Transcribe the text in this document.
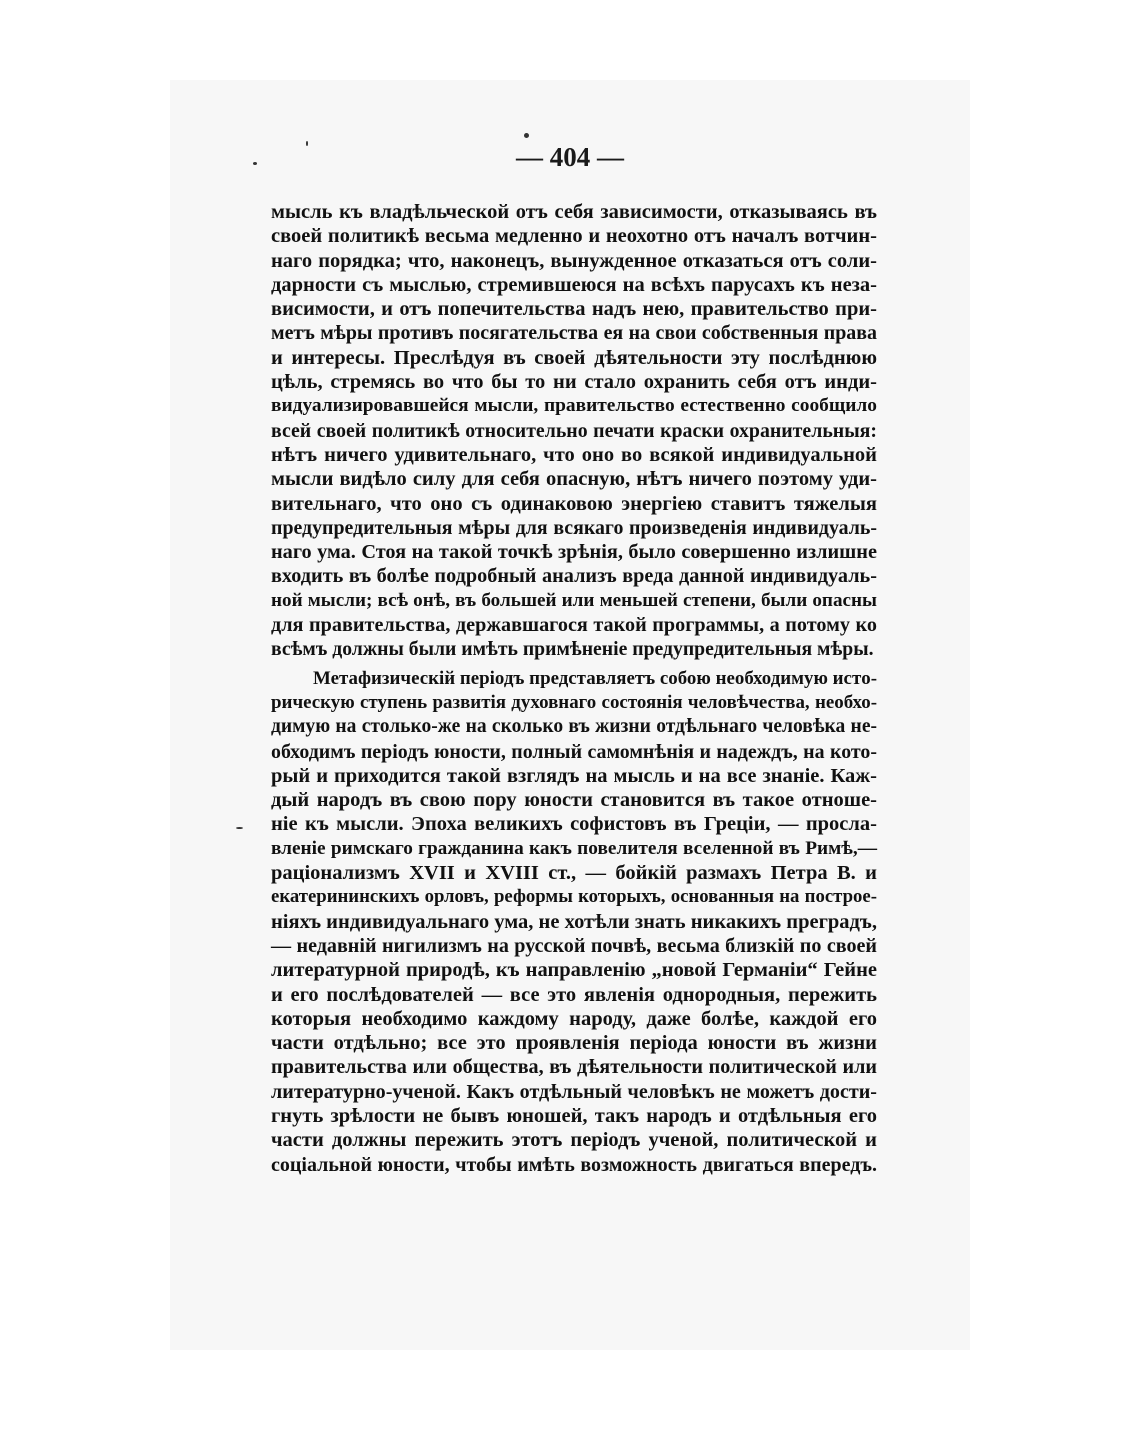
— 404 —
мысль къ владѣльческой отъ себя зависимости, отказываясь въ
своей политикѣ весьма медленно и неохотно отъ началъ вотчин-
наго порядка; что, наконецъ, вынужденное отказаться отъ соли-
дарности съ мыслью, стремившеюся на всѣхъ парусахъ къ неза-
висимости, и отъ попечительства надъ нею, правительство при-
метъ мѣры противъ посягательства ея на свои собственныя права
и интересы. Преслѣдуя въ своей дѣятельности эту послѣднюю
цѣль, стремясь во что бы то ни стало охранить себя отъ инди-
видуализировавшейся мысли, правительство естественно сообщило
всей своей политикѣ относительно печати краски охранительныя:
нѣтъ ничего удивительнаго, что оно во всякой индивидуальной
мысли видѣло силу для себя опасную, нѣтъ ничего поэтому уди-
вительнаго, что оно съ одинаковою энергіею ставитъ тяжелыя
предупредительныя мѣры для всякаго произведенія индивидуаль-
наго ума. Стоя на такой точкѣ зрѣнія, было совершенно излишне
входить въ болѣе подробный анализъ вреда данной индивидуаль-
ной мысли; всѣ онѣ, въ большей или меньшей степени, были опасны
для правительства, державшагося такой программы, а потому ко
всѣмъ должны были имѣть примѣненіе предупредительныя мѣры.
Метафизическій періодъ представляетъ собою необходимую истo-
рическую ступень развитія духовнаго состоянія человѣчества, необхо-
димую на столько-же на сколько въ жизни отдѣльнаго человѣка не-
обходимъ періодъ юности, полный самомнѣнія и надеждъ, на кото-
рый и приходится такой взглядъ на мысль и на все знаніе. Каж-
дый народъ въ свою пору юности становится въ такое отноше-
ніе къ мысли. Эпоха великихъ софистовъ въ Греціи, — просла-
вленіе римскаго гражданина какъ повелителя вселенной въ Римѣ,—
раціонализмъ XVII и XVIII ст., — бойкій размахъ Петра В. и
екатерининскихъ орловъ, реформы которыхъ, основанныя на построе-
ніяхъ индивидуальнаго ума, не хотѣли знать никакихъ преградъ,
— недавній нигилизмъ на русской почвѣ, весьма близкій по своей
литературной природѣ, къ направленію „новой Германіи“ Гейне
и его послѣдователей — все это явленія однородныя, пережить
которыя необходимо каждому народу, даже болѣе, каждой его
части отдѣльно; все это проявленія періода юности въ жизни
правительства или общества, въ дѣятельности политической или
литературно-ученой. Какъ отдѣльный человѣкъ не можетъ дости-
гнуть зрѣлости не бывъ юношей, такъ народъ и отдѣльныя его
части должны пережить этотъ періодъ ученой, политической и
соціальной юности, чтобы имѣть возможность двигаться впередъ.
